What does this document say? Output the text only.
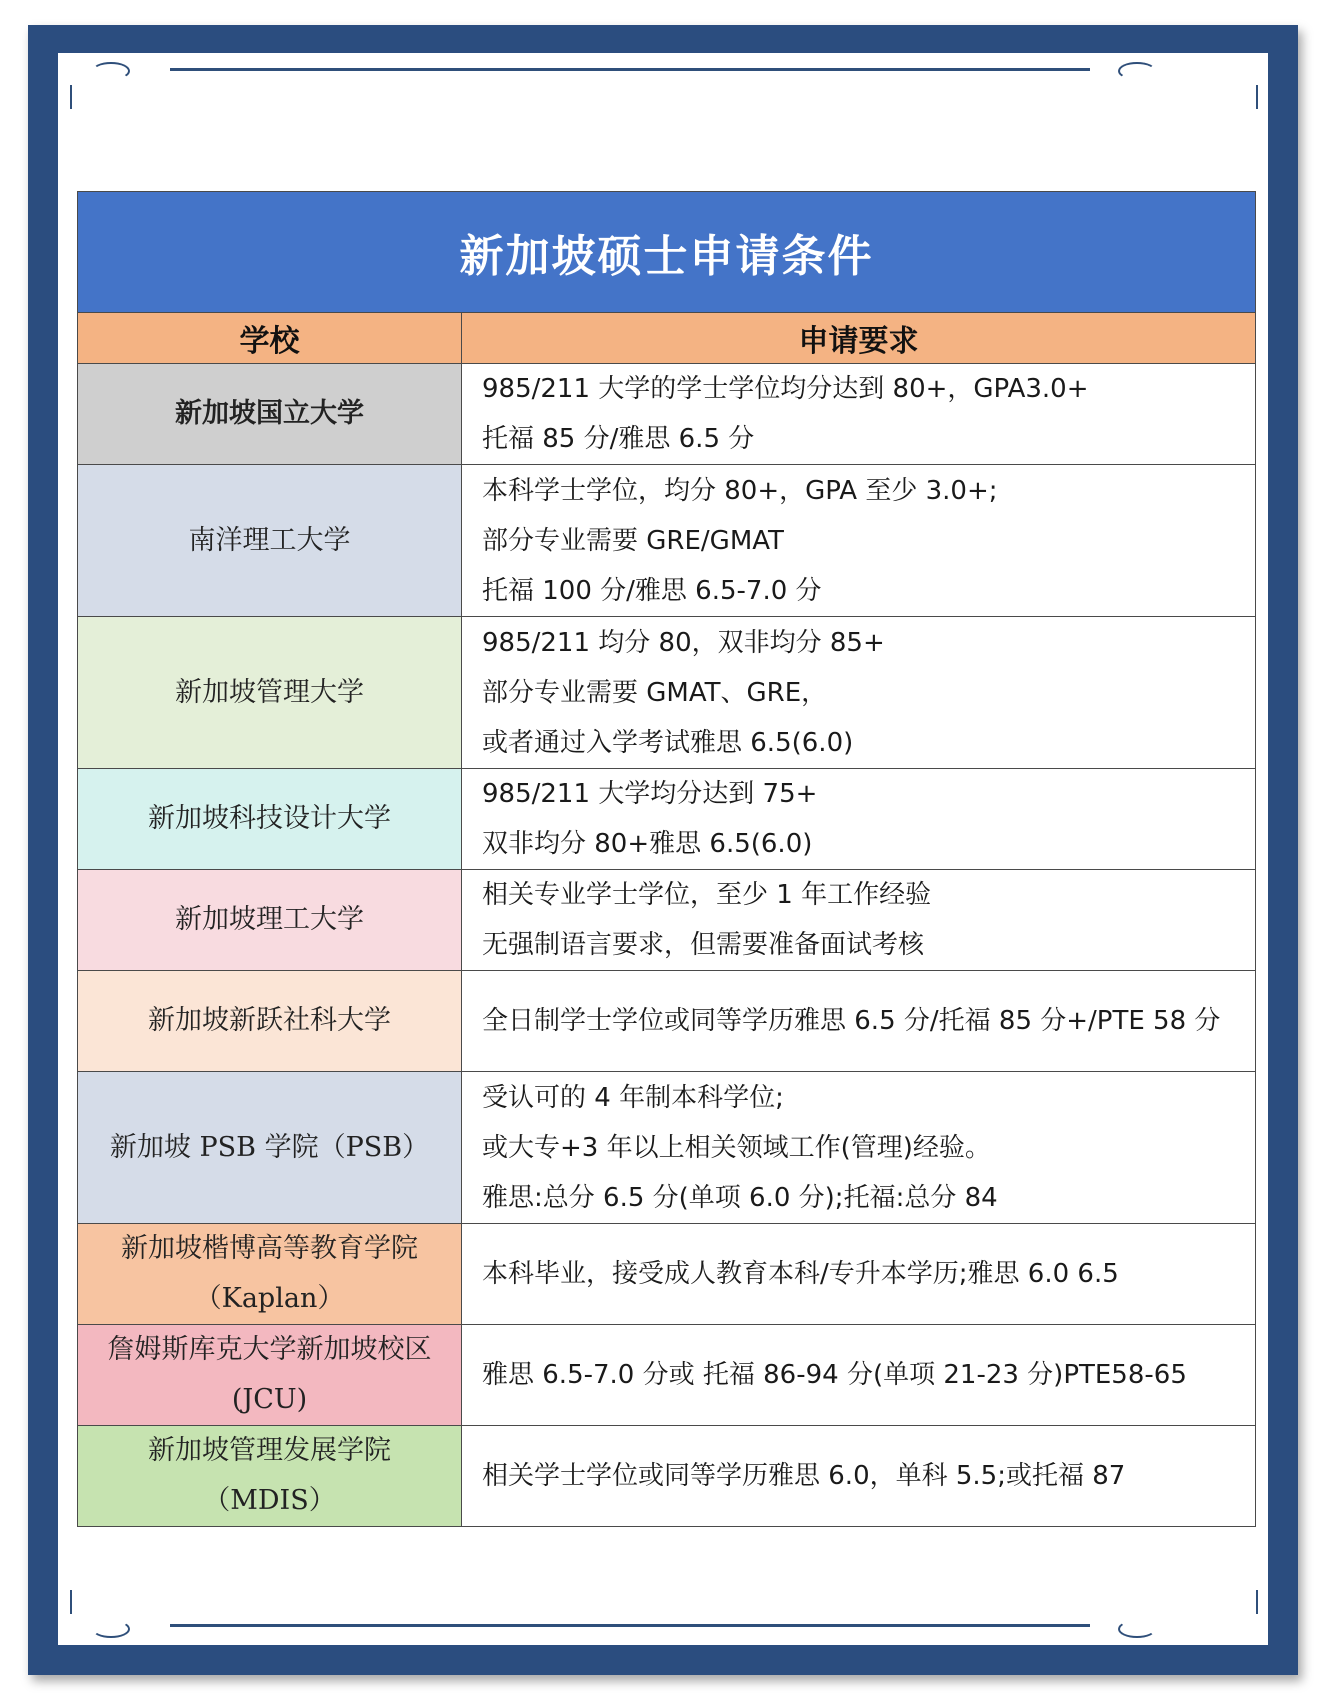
新加坡硕士申请条件	
学校	申请要求
新加坡国立大学	985/211 大学的学士学位均分达到 80+，GPA3.0+
托福 85 分/雅思 6.5 分

南洋理工大学	本科学士学位，均分 80+，GPA 至少 3.0+;
部分专业需要 GRE/GMAT
托福 100 分/雅思 6.5-7.0 分

新加坡管理大学	985/211 均分 80，双非均分 85+
部分专业需要 GMAT、GRE，
或者通过入学考试雅思 6.5(6.0)

新加坡科技设计大学	985/211 大学均分达到 75+
双非均分 80+雅思 6.5(6.0)

新加坡理工大学	相关专业学士学位，至少 1 年工作经验
无强制语言要求，但需要准备面试考核

新加坡新跃社科大学	全日制学士学位或同等学历雅思 6.5 分/托福 85 分+/PTE 58 分

新加坡 PSB 学院（PSB）	受认可的 4 年制本科学位;
或大专+3 年以上相关领域工作(管理)经验。
雅思:总分 6.5 分(单项 6.0 分);托福:总分 84

新加坡楷博高等教育学院（Kaplan）	本科毕业，接受成人教育本科/专升本学历;雅思 6.0 6.5

詹姆斯库克大学新加坡校区(JCU)	雅思 6.5-7.0 分或 托福 86-94 分(单项 21-23 分)PTE58-65

新加坡管理发展学院（MDIS）	相关学士学位或同等学历雅思 6.0，单科 5.5;或托福 87
